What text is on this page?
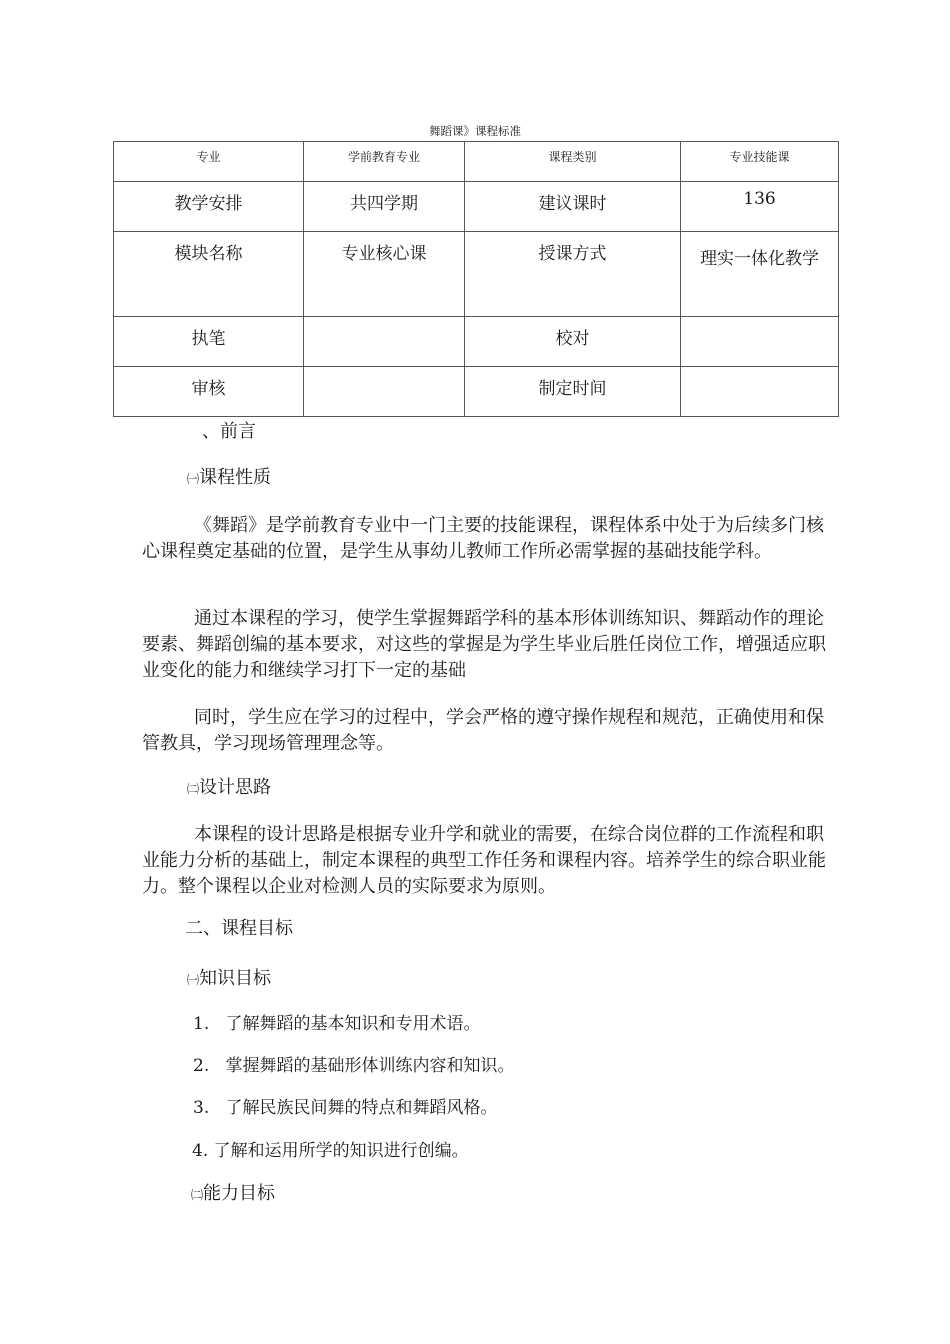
舞蹈课》课程标准
专业	学前教育专业	课程类别	专业技能课

教学安排	共四学期	建议课时	136

模块名称	专业核心课	授课方式	理实一体化教学

执笔		校对	

审核		制定时间	

、前言
㈠课程性质

《舞蹈》是学前教育专业中一门主要的技能课程，课程体系中处于为后续多门核心课程奠定基础的位置，是学生从事幼儿教师工作所必需掌握的基础技能学科。

通过本课程的学习，使学生掌握舞蹈学科的基本形体训练知识、舞蹈动作的理论要素、舞蹈创编的基本要求，对这些的掌握是为学生毕业后胜任岗位工作，增强适应职业变化的能力和继续学习打下一定的基础

同时，学生应在学习的过程中，学会严格的遵守操作规程和规范，正确使用和保管教具，学习现场管理理念等。

㈡设计思路

本课程的设计思路是根据专业升学和就业的需要，在综合岗位群的工作流程和职业能力分析的基础上，制定本课程的典型工作任务和课程内容。培养学生的综合职业能力。整个课程以企业对检测人员的实际要求为原则。

二、课程目标
㈠知识目标
1. 了解舞蹈的基本知识和专用术语。
2. 掌握舞蹈的基础形体训练内容和知识。
3. 了解民族民间舞的特点和舞蹈风格。
4. 了解和运用所学的知识进行创编。
㈡能力目标
